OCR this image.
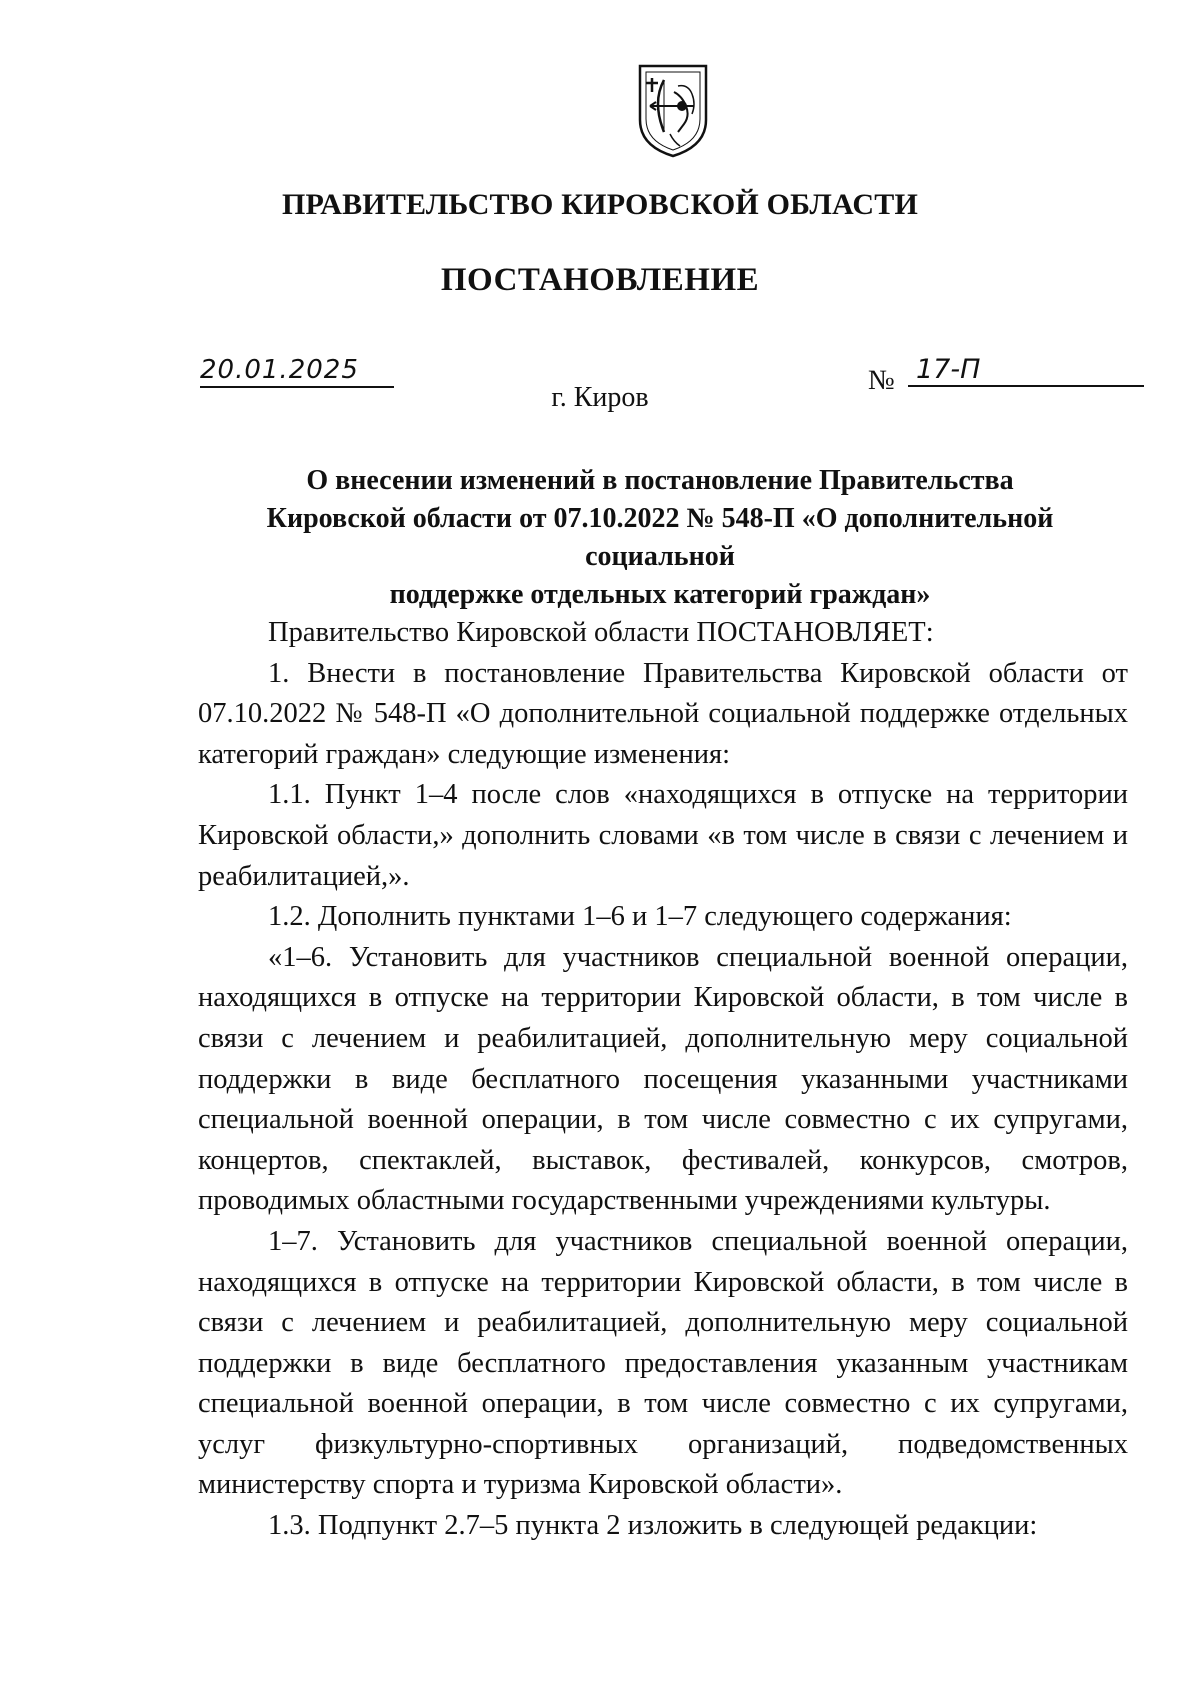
ПРАВИТЕЛЬСТВО КИРОВСКОЙ ОБЛАСТИ
ПОСТАНОВЛЕНИЕ
20.01.2025	№ 17-П
г. Киров
О внесении изменений в постановление Правительства
Кировской области от 07.10.2022 № 548-П «О дополнительной социальной
поддержке отдельных категорий граждан»

Правительство Кировской области ПОСТАНОВЛЯЕТ:

1. Внести в постановление Правительства Кировской области от 07.10.2022 № 548-П «О дополнительной социальной поддержке отдельных категорий граждан» следующие изменения:

1.1. Пункт 1–4 после слов «находящихся в отпуске на территории Кировской области,» дополнить словами «в том числе в связи с лечением и реабилитацией,».

1.2. Дополнить пунктами 1–6 и 1–7 следующего содержания:

«1–6. Установить для участников специальной военной операции, находящихся в отпуске на территории Кировской области, в том числе в связи с лечением и реабилитацией, дополнительную меру социальной поддержки в виде бесплатного посещения указанными участниками специальной военной операции, в том числе совместно с их супругами, концертов, спектаклей, выставок, фестивалей, конкурсов, смотров, проводимых областными государственными учреждениями культуры.

1–7. Установить для участников специальной военной операции, находящихся в отпуске на территории Кировской области, в том числе в связи с лечением и реабилитацией, дополнительную меру социальной поддержки в виде бесплатного предоставления указанным участникам специальной военной операции, в том числе совместно с их супругами, услуг физкультурно-спортивных организаций, подведомственных министерству спорта и туризма Кировской области».

1.3. Подпункт 2.7–5 пункта 2 изложить в следующей редакции:
